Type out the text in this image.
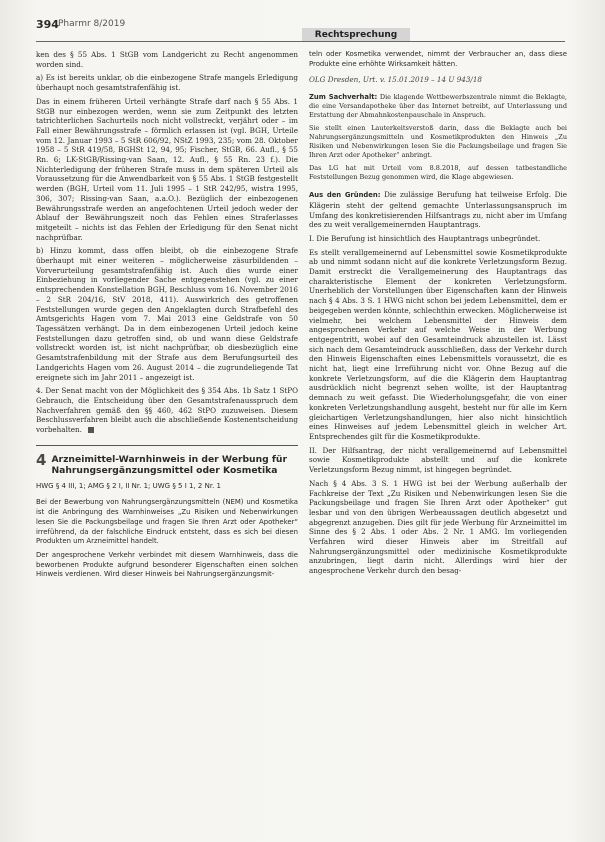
394 Pharmr 8/2019
Rechtsprechung

ken des § 55 Abs. 1 StGB vom Landgericht zu Recht angenommen worden sind.

a) Es ist bereits unklar, ob die einbezogene Strafe mangels Erledigung überhaupt noch gesamtstrafenfähig ist.

Das in einem früheren Urteil verhängte Strafe darf nach § 55 Abs. 1 StGB nur einbezogen werden, wenn sie zum Zeitpunkt des letzten tatrichterlichen Sachurteils noch nicht vollstreckt, verjährt oder – im Fall einer Bewährungsstrafe – förmlich erlassen ist (vgl. BGH, Urteile vom 12. Januar 1993 – 5 StR 606/92, NStZ 1993, 235; vom 28. Oktober 1958 – 5 StR 419/58, BGHSt 12, 94, 95; Fischer, StGB, 66. Aufl., § 55 Rn. 6; LK-StGB/Rissing-van Saan, 12. Aufl., § 55 Rn. 23 f.). Die Nichterledigung der früheren Strafe muss in dem späteren Urteil als Voraussetzung für die Anwendbarkeit von § 55 Abs. 1 StGB festgestellt werden (BGH, Urteil vom 11. Juli 1995 – 1 StR 242/95, wistra 1995, 306, 307; Rissing-van Saan, a.a.O.). Bezüglich der einbezogenen Bewährungsstrafe werden an angefochtenen Urteil jedoch weder der Ablauf der Bewährungszeit noch das Fehlen eines Straferlasses mitgeteilt – nichts ist das Fehlen der Erledigung für den Senat nicht nachprüfbar.

b) Hinzu kommt, dass offen bleibt, ob die einbezogene Strafe überhaupt mit einer weiteren – möglicherweise zäsurbildenden – Vorverurteilung gesamtstrafenfähig ist. Auch dies wurde einer Einbeziehung in vorliegender Sache entgegenstehen (vgl. zu einer entsprechenden Konstellation BGH, Beschluss vom 16. November 2016 – 2 StR 204/16, StV 2018, 411). Auswirkrich des getroffenen Feststellungen wurde gegen den Angeklagten durch Strafbefehl des Amtsgerichts Hagen vom 7. Mai 2013 eine Geldstrafe von 50 Tagessätzen verhängt. Da in dem einbezogenen Urteil jedoch keine Feststellungen dazu getroffen sind, ob und wann diese Geldstrafe vollstreckt worden ist, ist nicht nachprüfbar, ob diesbezüglich eine Gesamtstrafenbildung mit der Strafe aus dem Berufungsurteil des Landgerichts Hagen vom 26. August 2014 – die zugrundeliegende Tat ereignete sich im Jahr 2011 – angezeigt ist.

4. Der Senat macht von der Möglichkeit des § 354 Abs. 1b Satz 1 StPO Gebrauch, die Entscheidung über den Gesamtstrafenausspruch dem Nachverfahren gemäß den §§ 460, 462 StPO zuzuweisen. Diesem Beschlussverfahren bleibt auch die abschließende Kostenentscheidung vorbehalten.

4 Arzneimittel-Warnhinweis in der Werbung für Nahrungsergänzungsmittel oder Kosmetika

HWG § 4 III, 1; AMG § 2 I, II Nr. 1; UWG § 5 I 1, 2 Nr. 1

Bei der Bewerbung von Nahrungsergänzungsmitteln (NEM) und Kosmetika ist die Anbringung des Warnhinweises „Zu Risiken und Nebenwirkungen lesen Sie die Packungsbeilage und fragen Sie Ihren Arzt oder Apotheker“ irreführend, da der falschliche Eindruck entsteht, dass es sich bei diesen Produkten um Arzneimittel handelt.

Der angesprochene Verkehr verbindet mit diesem Warnhinweis, dass die beworbenen Produkte aufgrund besonderer Eigenschaften einen solchen Hinweis verdienen. Wird dieser Hinweis bei Nahrungsergänzungsmit-

teln oder Kosmetika verwendet, nimmt der Verbraucher an, dass diese Produkte eine erhöhte Wirksamkeit hätten.

OLG Dresden, Urt. v. 15.01.2019 – 14 U 943/18

Zum Sachverhalt: Die klagende Wettbewerbszentrale nimmt die Beklagte, die eine Versandapotheke über das Internet betreibt, auf Unterlassung und Erstattung der Abmahnkostenpauschale in Anspruch.

Sie stellt einen Lauterkeitsverstoß darin, dass die Beklagte auch bei Nahrungsergänzungsmitteln und Kosmetikprodukten den Hinweis „Zu Risiken und Nebenwirkungen lesen Sie die Packungsbeilage und fragen Sie Ihren Arzt oder Apotheker“ anbringt.

Das LG hat mit Urteil vom 8.8.2018, auf dessen tatbestandliche Feststellungen Bezug genommen wird, die Klage abgewiesen.

Aus den Gründen: Die zulässige Berufung hat teilweise Erfolg. Die Klägerin steht der geltend gemachte Unterlassungsanspruch im Umfang des konkretisierenden Hilfsantrags zu, nicht aber im Umfang des zu weit verallgemeinernden Hauptantrags.

I. Die Berufung ist hinsichtlich des Hauptantrags unbegründet.

Es stellt verallgemeinernd auf Lebensmittel sowie Kosmetikprodukte ab und nimmt sodann nicht auf die konkrete Verletzungsform Bezug. Damit erstreckt die Verallgemeinerung des Hauptantrags das charakteristische Element der konkreten Verletzungsform. Unerheblich der Vorstellungen über Eigenschaften kann der Hinweis nach § 4 Abs. 3 S. 1 HWG nicht schon bei jedem Lebensmittel, dem er beigegeben werden könnte, schlechthin erwecken. Möglicherweise ist vielmehr, bei welchem Lebensmittel der Hinweis dem angesprochenen Verkehr auf welche Weise in der Werbung entgegentritt, wobei auf den Gesamteindruck abzustellen ist. Lässt sich nach dem Gesamteindruck ausschließen, dass der Verkehr durch den Hinweis Eigenschaften eines Lebensmittels voraussetzt, die es nicht hat, liegt eine Irreführung nicht vor. Ohne Bezug auf die konkrete Verletzungsform, auf die die Klägerin dem Hauptantrag ausdrücklich nicht begrenzt sehen wollte, ist der Hauptantrag demnach zu weit gefasst. Die Wiederholungsgefahr, die von einer konkreten Verletzungshandlung ausgeht, besteht nur für alle im Kern gleichartigen Verletzungshandlungen, hier also nicht hinsichtlich eines Hinweises auf jedem Lebensmittel gleich in welcher Art. Entsprechendes gilt für die Kosmetikprodukte.

II. Der Hilfsantrag, der nicht verallgemeinernd auf Lebensmittel sowie Kosmetikprodukte abstellt und auf die konkrete Verletzungsform Bezug nimmt, ist hingegen begründet.

Nach § 4 Abs. 3 S. 1 HWG ist bei der Werbung außerhalb der Fachkreise der Text „Zu Risiken und Nebenwirkungen lesen Sie die Packungsbeilage und fragen Sie Ihren Arzt oder Apotheker“ gut lesbar und von den übrigen Werbeaussagen deutlich abgesetzt und abgegrenzt anzugeben. Dies gilt für jede Werbung für Arzneimittel im Sinne des § 2 Abs. 1 oder Abs. 2 Nr. 1 AMG. Im vorliegenden Verfahren wird dieser Hinweis aber im Streitfall auf Nahrungsergänzungsmittel oder medizinische Kosmetikprodukte anzubringen, liegt darin nicht. Allerdings wird hier der angesprochene Verkehr durch den besag-
